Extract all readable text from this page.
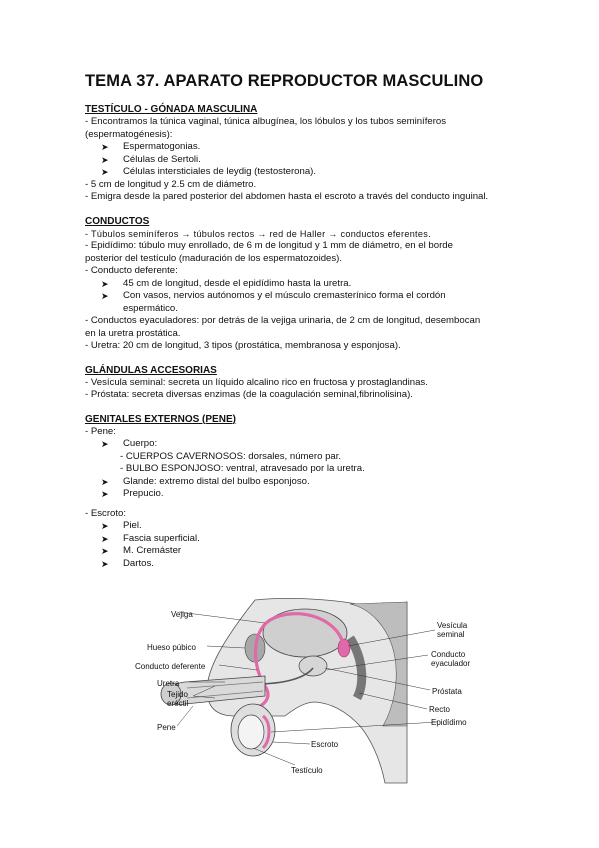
TEMA 37. APARATO REPRODUCTOR MASCULINO
TESTÍCULO - GÓNADA MASCULINA
- Encontramos la túnica vaginal, túnica albugínea, los lóbulos y los tubos seminíferos
(espermatogénesis):
➤ Espermatogonias.
➤ Células de Sertoli.
➤ Células intersticiales de leydig (testosterona).
- 5 cm de longitud y 2.5 cm de diámetro.
- Emigra desde la pared posterior del abdomen hasta el escroto a través del conducto inguinal.
CONDUCTOS
- Túbulos seminíferos → túbulos rectos → red de Haller → conductos eferentes.
- Epidídimo: túbulo muy enrollado, de 6 m de longitud y 1 mm de diámetro, en el borde
posterior del testículo (maduración de los espermatozoides).
- Conducto deferente:
➤ 45 cm de longitud, desde el epidídimo hasta la uretra.
➤ Con vasos, nervios autónomos y el músculo cremasterínico forma el cordón
espermático.
- Conductos eyaculadores: por detrás de la vejiga urinaria, de 2 cm de longitud, desembocan
en la uretra prostática.
- Uretra: 20 cm de longitud, 3 tipos (prostática, membranosa y esponjosa).
GLÁNDULAS ACCESORIAS
- Vesícula seminal: secreta un líquido alcalino rico en fructosa y prostaglandinas.
- Próstata: secreta diversas enzimas (de la coagulación seminal,fibrinolisina).
GENITALES EXTERNOS (PENE)
- Pene:
➤ Cuerpo:
- CUERPOS CAVERNOSOS: dorsales, número par.
- BULBO ESPONJOSO: ventral, atravesado por la uretra.
➤ Glande: extremo distal del bulbo esponjoso.
➤ Prepucio.
- Escroto:
➤ Piel.
➤ Fascia superficial.
➤ M. Cremáster
➤ Dartos.
Vejiga
Hueso púbico
Conducto deferente
Uretra
Tejido
eréctil
Pene
Vesícula
seminal
Conducto
eyaculador
Próstata
Recto
Epidídimo
Escroto
Testículo
